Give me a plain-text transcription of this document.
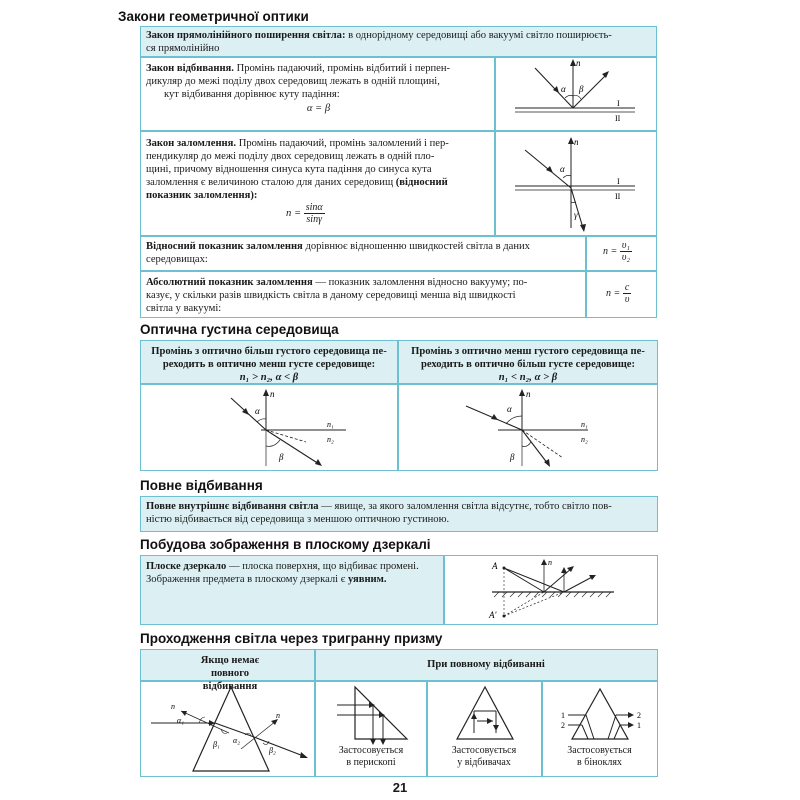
Закони геометричної оптики
Закон прямолінійного поширення світла: в однорідному середовищі або вакуумі світло поширюєть-
ся прямолінійно
Закон відбивання. Промінь падаючий, промінь відбитий і перпен-
дикуляр до межі поділу двох середовищ лежать в одній площині,
кут відбивання дорівнює куту падіння:

α = β
n⃗
α β
I
II
Закон заломлення. Промінь падаючий, промінь заломлений і пер-
пендикуляр до межі поділу двох середовищ лежать в одній пло-
щині, причому відношення синуса кута падіння до синуса кута
заломлення є величиною сталою для даних середовищ (відносний
показник заломлення):
$n = \frac{\sin\alpha}{\sin\gamma}$
n⃗
α
γ
I
II
Відносний показник заломлення дорівнює відношенню швидкостей світла в даних
середовищах:
$n = \frac{\text{υ₁}}{\text{υ₂}}$
Абсолютний показник заломлення — показник заломлення відносно вакууму; по-
казує, у скільки разів швидкість світла в даному середовищі менша від швидкості
світла у вакуумі:
$n = \frac{c}{\upsilon}$
Оптична густина середовища
Промінь з оптично більш густого середовища пе-
реходить в оптично менш густе середовище:
n₁ > n₂, α < β
Промінь з оптично менш густого середовища пе-
реходить в оптично більш густе середовище:
n₁ < n₂, α > β
n⃗
α
β
n₁
n₂
n⃗
α
β
n₁
n₂
Повне відбивання
Повне внутрішнє відбивання світла — явище, за якого заломлення світла відсутнє, тобто світло пов-
ністю відбивається від середовища з меншою оптичною густиною.
Побудова зображення в плоскому дзеркалі
Плоске дзеркало — плоска поверхня, що відбиває промені.
Зображення предмета в плоскому дзеркалі є уявним.
A
A'
n⃗
Проходження світла через тригранну призму
Якщо немає повного відбивання
При повному відбиванні
n⃗
n⃗
α₁
β₁ α₂
β₂	Застосовується
в перископі
Застосовується
у відбивачах
1
2
2
1
Застосовується
в біноклях
21
